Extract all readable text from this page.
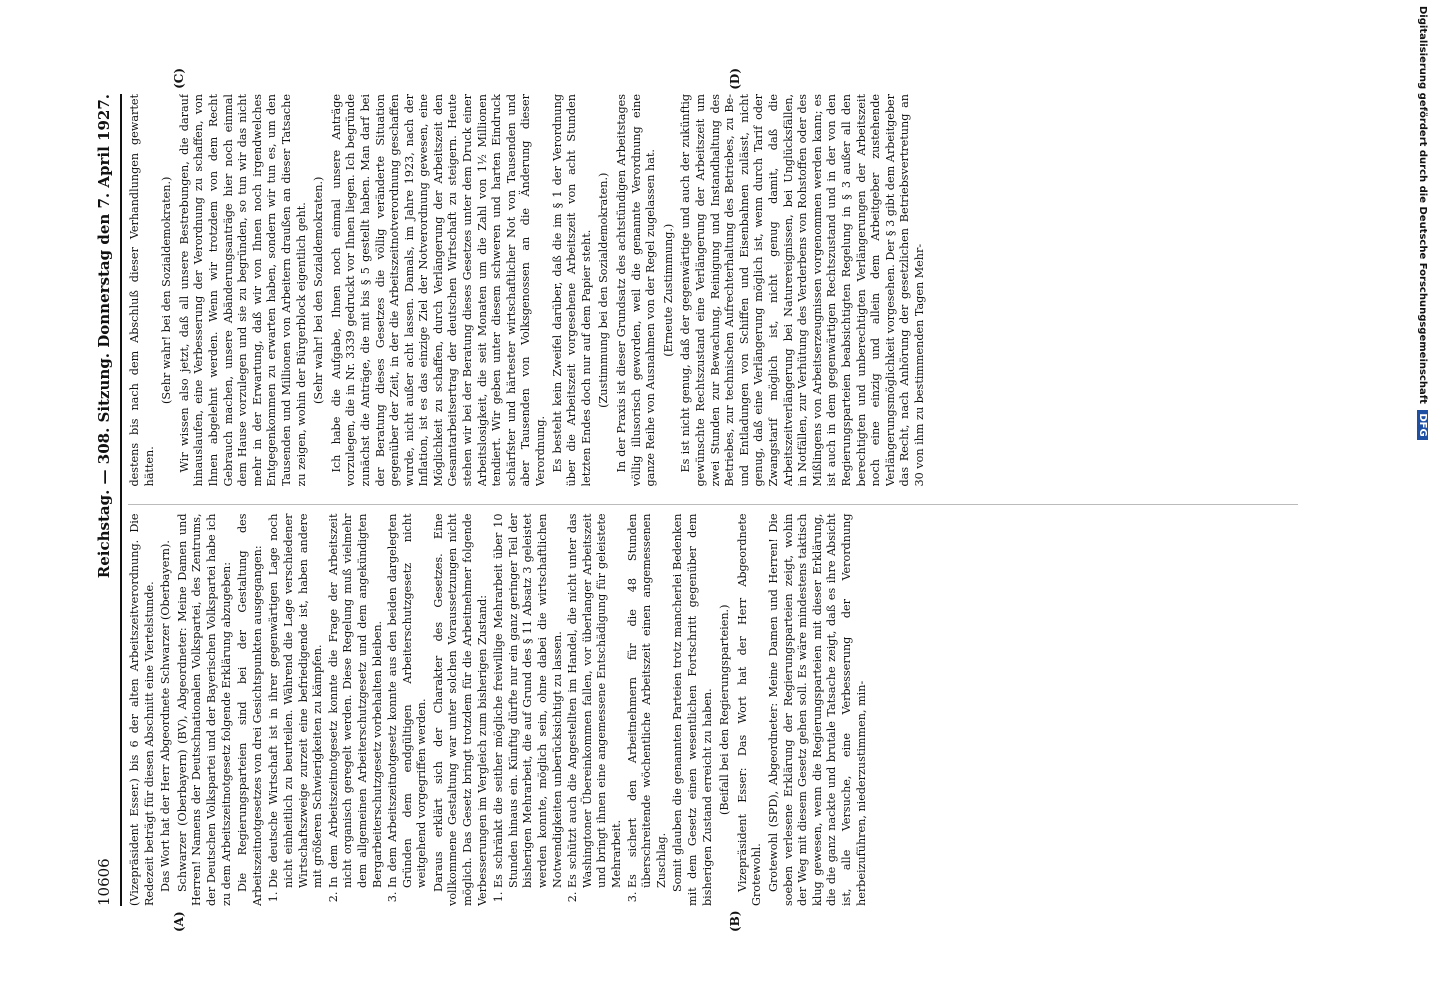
10606
Reichstag. — 308. Sitzung. Donnerstag den 7. April 1927.
(A)	(B)
(C)	(D)

(Vizepräsident Esser.) bis 6 der alten Arbeitszeitverordnung. Die Redezeit beträgt für diesen Abschnitt eine Viertelstunde. Das Wort hat der Herr Abgeordnete Schwarzer (Oberbayern). Schwarzer (Oberbayern) (BV), Abgeordneter: Meine Damen und Herren! Namens der Deutschnationalen Volkspartei, des Zentrums, der Deutschen Volkspartei und der Bayerischen Volkspartei habe ich zu dem Arbeitszeitnotgesetz folgende Erklärung abzugeben: Die Regierungsparteien sind bei der Gestaltung des Arbeitszeitnotgesetzes von drei Gesichtspunkten ausgegangen: 1. Die deutsche Wirtschaft ist in ihrer gegenwärtigen Lage noch nicht einheitlich zu beurteilen. Während die Lage verschiedener Wirtschaftszweige zurzeit eine befriedigende ist, haben andere mit größeren Schwierigkeiten zu kämpfen. 2. In dem Arbeitszeitnotgesetz konnte die Frage der Arbeitszeit nicht organisch geregelt werden. Diese Regelung muß vielmehr dem allgemeinen Arbeiterschutzgesetz und dem angekündigten Bergarbeiterschutzgesetz vorbehalten bleiben. 3. In dem Arbeitszeitnotgesetz konnte aus den beiden dargelegten Gründen dem endgültigen Arbeiterschutzgesetz nicht weitgehend vorgegriffen werden. Daraus erklärt sich der Charakter des Gesetzes. Eine vollkommene Gestaltung war unter solchen Voraussetzungen nicht möglich. Das Gesetz bringt trotzdem für die Arbeitnehmer folgende Verbesserungen im Vergleich zum bisherigen Zustand: 1. Es schränkt die seither mögliche freiwillige Mehrarbeit über 10 Stunden hinaus ein. Künftig dürfte nur ein ganz geringer Teil der bisherigen Mehrarbeit, die auf Grund des § 11 Absatz 3 geleistet werden konnte, möglich sein, ohne dabei die wirtschaftlichen Notwendigkeiten unberücksichtigt zu lassen. 2. Es schützt auch die Angestellten im Handel, die nicht unter das Washingtoner Übereinkommen fallen, vor überlanger Arbeitszeit und bringt ihnen eine angemessene Entschädigung für geleistete Mehrarbeit. 3. Es sichert den Arbeitnehmern für die 48 Stunden überschreitende wöchentliche Arbeitszeit einen angemessenen Zuschlag. Somit glauben die genannten Parteien trotz mancherlei Bedenken mit dem Gesetz einen wesentlichen Fortschritt gegenüber dem bisherigen Zustand erreicht zu haben. (Beifall bei den Regierungsparteien.) Vizepräsident Esser: Das Wort hat der Herr Abgeordnete Grotewohl. Grotewohl (SPD), Abgeordneter: Meine Damen und Herren! Die soeben verlesene Erklärung der Regierungsparteien zeigt, wohin der Weg mit diesem Gesetz gehen soll. Es wäre mindestens taktisch klug gewesen, wenn die Regierungsparteien mit dieser Erklärung, die die ganz nackte und brutale Tatsache zeigt, daß es ihre Absicht ist, alle Versuche, eine Verbesserung der Verordnung herbeizuführen, niederzustimmen, min-

destens bis nach dem Abschluß dieser Verhandlungen gewartet hätten.

(Sehr wahr! bei den Sozialdemokraten.) Wir wissen also jetzt, daß all unsere Bestrebungen, die darauf hinauslaufen, eine Verbesserung der Verordnung zu schaffen, von Ihnen abgelehnt werden. Wenn wir trotzdem von dem Recht Gebrauch machen, unsere Abänderungsanträge hier noch einmal dem Hause vorzulegen und sie zu begründen, so tun wir das nicht mehr in der Erwartung, daß wir von Ihnen noch irgendwelches Entgegenkommen zu erwarten haben, sondern wir tun es, um den Tausenden und Millionen von Arbeitern draußen an dieser Tatsache zu zeigen, wohin der Bürgerblock eigentlich geht. (Sehr wahr! bei den Sozialdemokraten.) Ich habe die Aufgabe, Ihnen noch einmal unsere Anträge vorzulegen, die in Nr. 3339 gedruckt vor Ihnen liegen. Ich begründe zunächst die Anträge, die mit bis § 5 gestellt haben. Man darf bei der Beratung dieses Gesetzes die völlig veränderte Situation gegenüber der Zeit, in der die Arbeitszeitnotverordnung geschaffen wurde, nicht außer acht lassen. Damals, im Jahre 1923, nach der Inflation, ist es das einzige Ziel der Notverordnung gewesen, eine Möglichkeit zu schaffen, durch Verlängerung der Arbeitszeit den Gesamtarbeitsertrag der deutschen Wirtschaft zu steigern. Heute stehen wir bei der Beratung dieses Gesetzes unter dem Druck einer Arbeitslosigkeit, die seit Monaten um die Zahl von 1½ Millionen tendiert. Wir geben unter diesem schweren und harten Eindruck schärfster und härtester wirtschaftlicher Not von Tausenden und aber Tausenden von Volksgenossen an die Änderung dieser Verordnung. Es besteht kein Zweifel darüber, daß die im § 1 der Verordnung über die Arbeitszeit vorgesehene Arbeitszeit von acht Stunden letzten Endes doch nur auf dem Papier steht. (Zustimmung bei den Sozialdemokraten.) In der Praxis ist dieser Grundsatz des achtstündigen Arbeitstages völlig illusorisch geworden, weil die genannte Verordnung eine ganze Reihe von Ausnahmen von der Regel zugelassen hat. (Erneute Zustimmung.) Es ist nicht genug, daß der gegenwärtige und auch der zukünftig gewünschte Rechtszustand eine Verlängerung der Arbeitszeit um zwei Stunden zur Bewachung, Reinigung und Instandhaltung des Betriebes, zur technischen Aufrechterhaltung des Betriebes, zu Be- und Entladungen von Schiffen und Eisenbahnen zulässt, nicht genug, daß eine Verlängerung möglich ist, wenn durch Tarif oder Zwangstarif möglich ist, nicht genug damit, daß die Arbeitszeitverlängerung bei Naturereignissen, bei Unglücksfällen, in Notfällen, zur Verhütung des Verderbens von Rohstoffen oder des Mißlingens von Arbeitserzeugnissen vorgenommen werden kann; es ist auch in dem gegenwärtigen Rechtszustand und in der von den Regierungsparteien beabsichtigten Regelung in § 3 außer all den berechtigten und unberechtigten Verlängerungen der Arbeitszeit noch eine einzig und allein dem Arbeitgeber zustehende Verlängerungsmöglichkeit vorgesehen. Der § 3 gibt dem Arbeitgeber das Recht, nach Anhörung der gesetzlichen Betriebsvertretung an 30 von ihm zu bestimmenden Tagen Mehr-	Digitalisierung gefördert durch die Deutsche Forschungsgemeinschaft DFG
